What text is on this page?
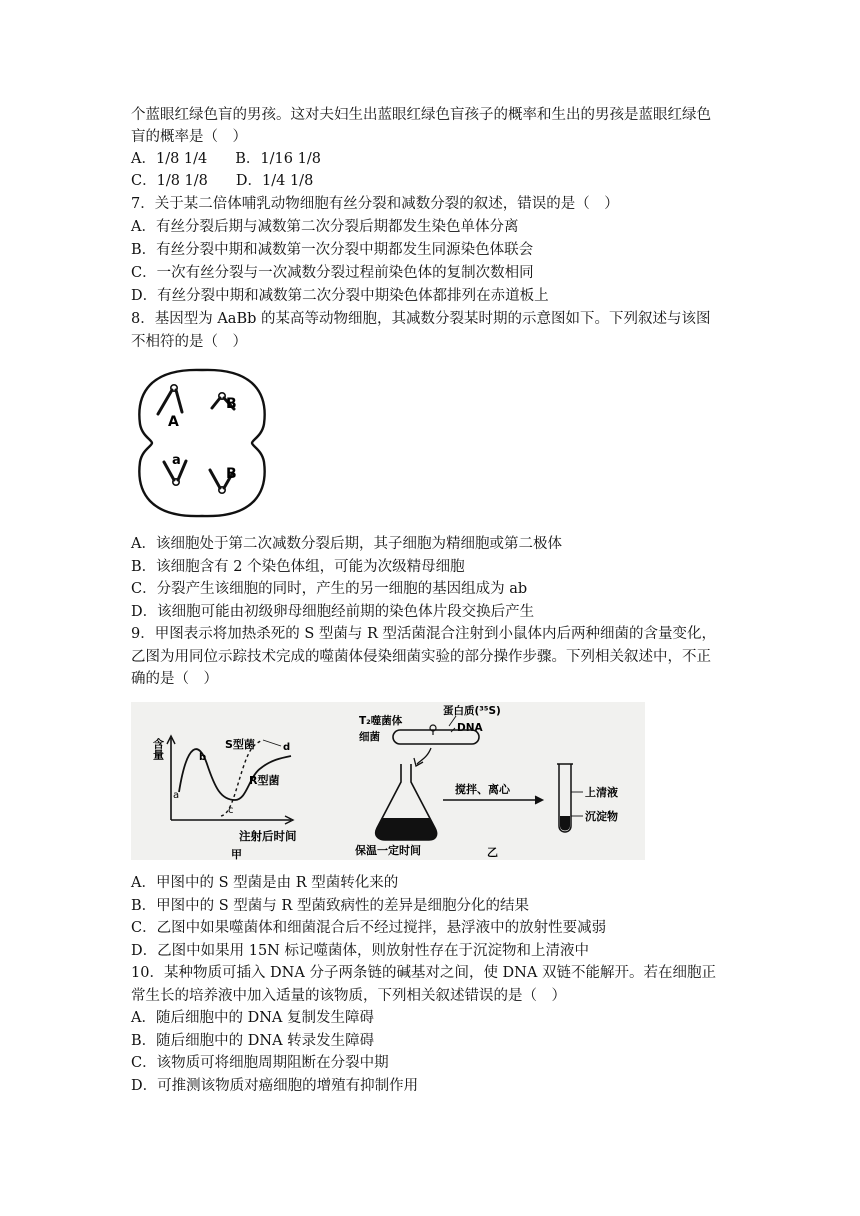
个蓝眼红绿色盲的男孩。这对夫妇生出蓝眼红绿色盲孩子的概率和生出的男孩是蓝眼红绿色
盲的概率是（　）
A．1/8 1/4 B．1/16 1/8
C．1/8 1/8 D．1/4 1/8
7．关于某二倍体哺乳动物细胞有丝分裂和减数分裂的叙述，错误的是（　）
A．有丝分裂后期与减数第二次分裂后期都发生染色单体分离
B．有丝分裂中期和减数第一次分裂中期都发生同源染色体联会
C．一次有丝分裂与一次减数分裂过程前染色体的复制次数相同
D．有丝分裂中期和减数第二次分裂中期染色体都排列在赤道板上
8．基因型为 AaBb 的某高等动物细胞，其减数分裂某时期的示意图如下。下列叙述与该图
不相符的是（　）
A
B
a
B
A．该细胞处于第二次减数分裂后期，其子细胞为精细胞或第二极体
B．该细胞含有 2 个染色体组，可能为次级精母细胞
C．分裂产生该细胞的同时，产生的另一细胞的基因组成为 ab
D．该细胞可能由初级卵母细胞经前期的染色体片段交换后产生
9．甲图表示将加热杀死的 S 型菌与 R 型活菌混合注射到小鼠体内后两种细菌的含量变化，
乙图为用同位示踪技术完成的噬菌体侵染细菌实验的部分操作步骤。下列相关叙述中，不正
确的是（　）
含量
a
b
c
d
S型菌
R型菌
注射后时间
甲
蛋白质(³⁵S)
DNA
T₂噬菌体
细菌
保温一定时间
搅拌、离心	上清液
沉淀物
乙
A．甲图中的 S 型菌是由 R 型菌转化来的
B．甲图中的 S 型菌与 R 型菌致病性的差异是细胞分化的结果
C．乙图中如果噬菌体和细菌混合后不经过搅拌，悬浮液中的放射性要减弱
D．乙图中如果用 15N 标记噬菌体，则放射性存在于沉淀物和上清液中
10．某种物质可插入 DNA 分子两条链的碱基对之间，使 DNA 双链不能解开。若在细胞正
常生长的培养液中加入适量的该物质，下列相关叙述错误的是（　）
A．随后细胞中的 DNA 复制发生障碍
B．随后细胞中的 DNA 转录发生障碍
C．该物质可将细胞周期阻断在分裂中期
D．可推测该物质对癌细胞的增殖有抑制作用
